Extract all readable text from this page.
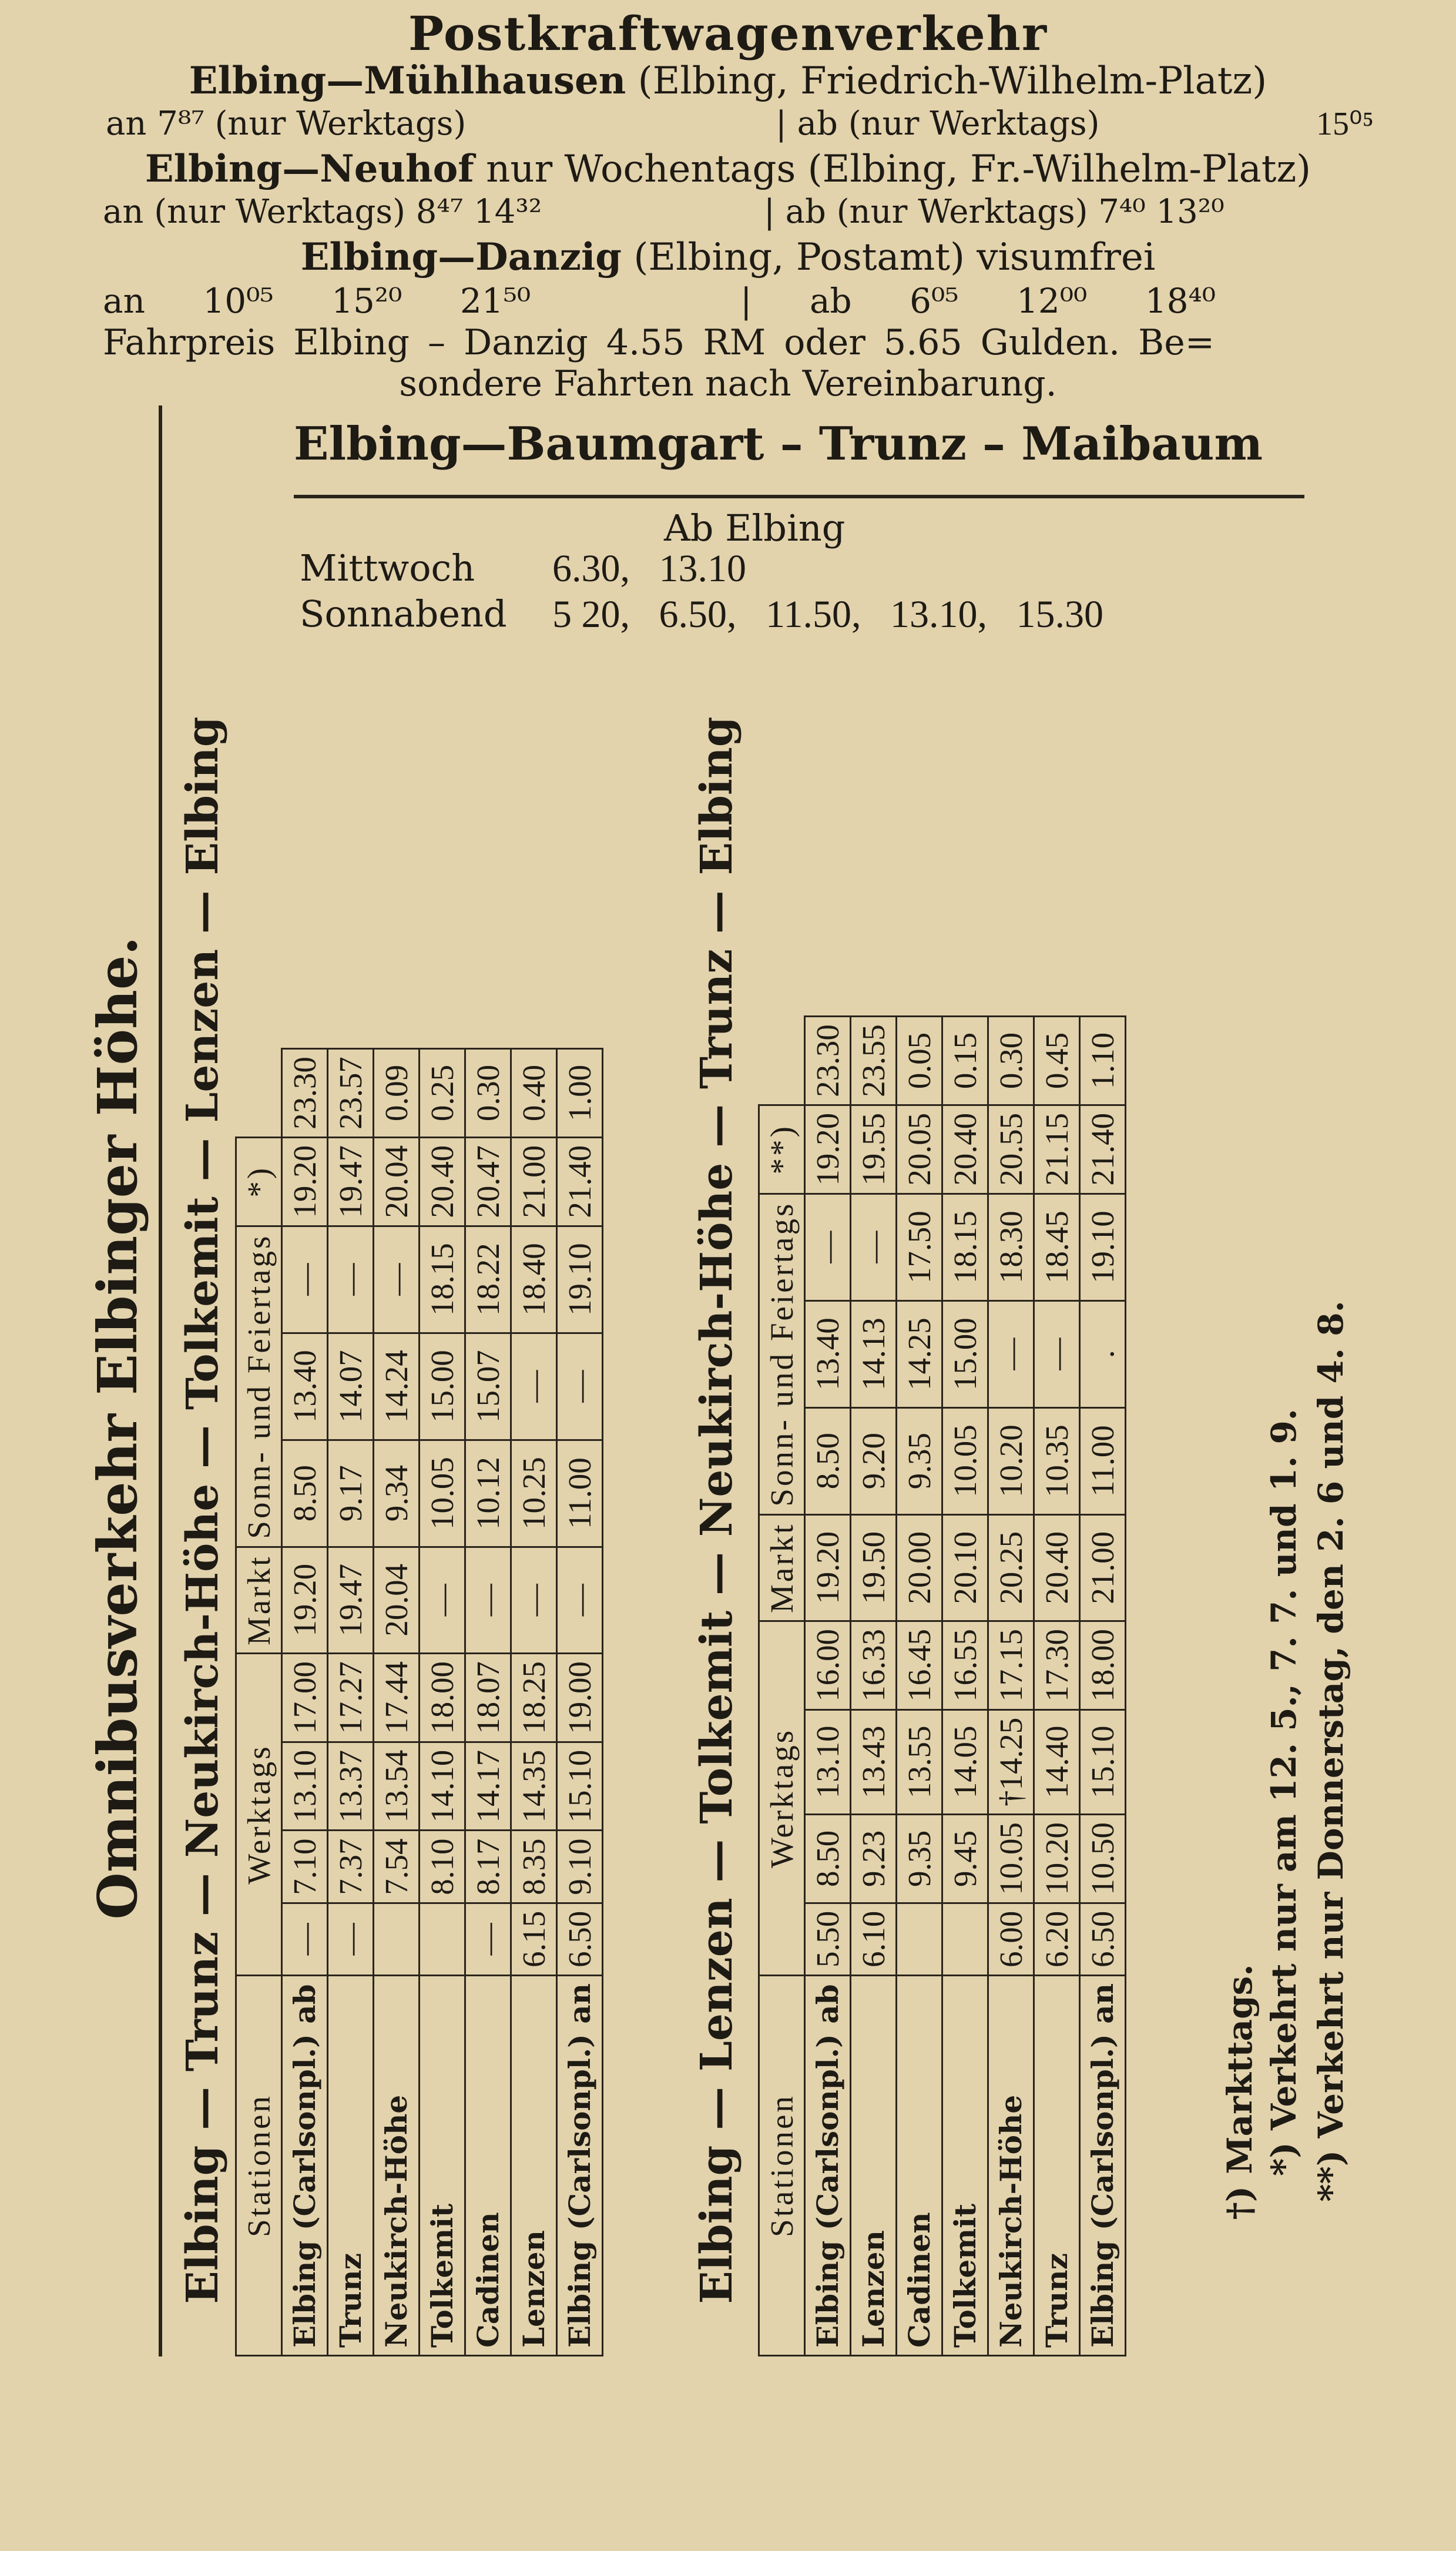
Postkraftwagenverkehr
Elbing—Mühlhausen (Elbing, Friedrich-Wilhelm-Platz)
an 7⁸⁷ (nur Werktags)	| ab (nur Werktags)	15⁰⁵
Elbing—Neuhof nur Wochentags (Elbing, Fr.-Wilhelm-Platz)
an (nur Werktags) 8⁴⁷ 14³²	| ab (nur Werktags) 7⁴⁰ 13²⁰
Elbing—Danzig (Elbing, Postamt) visumfrei
an 10⁰⁵ 15²⁰ 21⁵⁰	| ab 6⁰⁵ 12⁰⁰ 18⁴⁰
Fahrpreis Elbing – Danzig 4.55 RM oder 5.65 Gulden. Be=
sondere Fahrten nach Vereinbarung.
Elbing—Baumgart – Trunz – Maibaum
Ab Elbing
Mittwoch 6.30,   13.10
Sonnabend 5 20,   6.50,   11.50,   13.10,   15.30
Omnibusverkehr Elbinger Höhe. Elbing — Trunz — Neukirch-Höhe — Tolkemit — Lenzen — Elbing	Elbing — Lenzen — Tolkemit — Neukirch-Höhe — Trunz — Elbing
Stationen	Werktags				Markt	Sonn- und Feiertags			*)	
Elbing (Carlsonpl.) ab	—	7.10	13.10	17.00	19.20	8.50	13.40	—	19.20	23.30
Trunz	—	7.37	13.37	17.27	19.47	9.17	14.07	—	19.47	23.57
Neukirch-Höhe		7.54	13.54	17.44	20.04	9.34	14.24	—	20.04	0.09
Tolkemit		8.10	14.10	18.00	—	10.05	15.00	18.15	20.40	0.25
Cadinen	—	8.17	14.17	18.07	—	10.12	15.07	18.22	20.47	0.30
Lenzen	6.15	8.35	14.35	18.25	—	10.25	—	18.40	21.00	0.40
Elbing (Carlsonpl.) an	6.50	9.10	15.10	19.00	—	11.00	—	19.10	21.40	1.00
Stationen	Werktags				Markt	Sonn- und Feiertags			**)	
Elbing (Carlsonpl.) ab	5.50	8.50	13.10	16.00	19.20	8.50	13.40	—	19.20	23.30
Lenzen	6.10	9.23	13.43	16.33	19.50	9.20	14.13	—	19.55	23.55
Cadinen		9.35	13.55	16.45	20.00	9.35	14.25	17.50	20.05	0.05
Tolkemit		9.45	14.05	16.55	20.10	10.05	15.00	18.15	20.40	0.15
Neukirch-Höhe	6.00	10.05	†14.25	17.15	20.25	10.20	—	18.30	20.55	0.30
Trunz	6.20	10.20	14.40	17.30	20.40	10.35	—	18.45	21.15	0.45
Elbing (Carlsonpl.) an	6.50	10.50	15.10	18.00	21.00	11.00	.	19.10	21.40	1.10
†) Markttags. *) Verkehrt nur am 12. 5., 7. 7. und 1. 9. **) Verkehrt nur Donnerstag, den 2. 6 und 4. 8.
